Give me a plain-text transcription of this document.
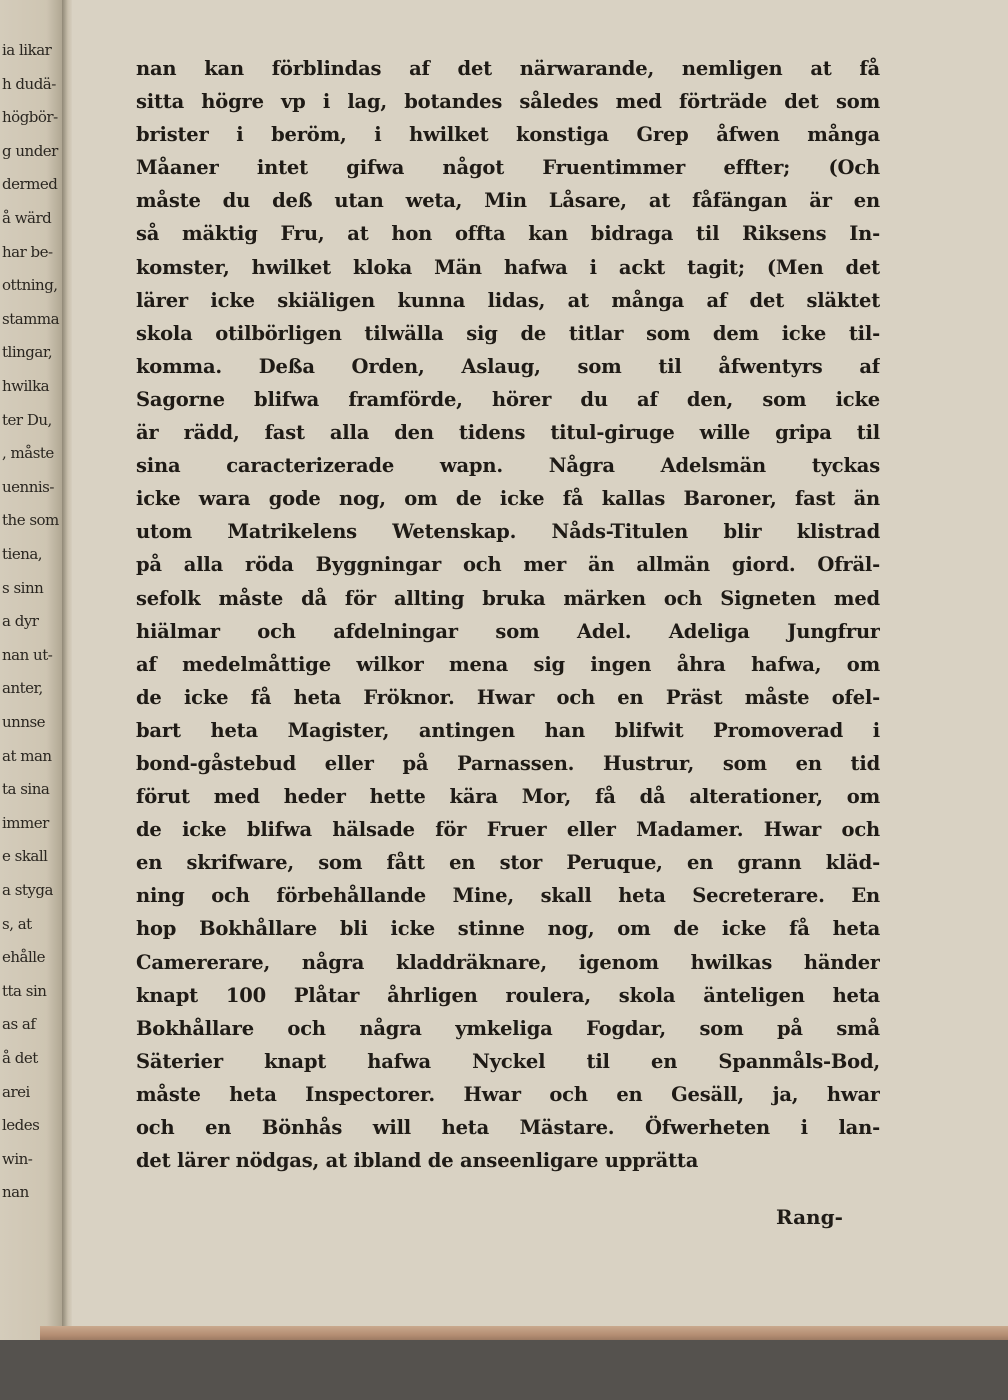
ia likar
h dudä-
högbör-
g under
dermed
å wärd
har be-
ottning,
stamma
tlingar,
hwilka
ter Du,
, måste
uennis-
the som
tiena,
s sinn
a dyr
nan ut-
anter,
unnse
at man
ta sina
immer
e skall
a styga
s, at
ehålle
tta sin
as af
å det
arei
ledes
win-
nan
nan kan förblindas af det närwarande, nemligen at få
sitta högre vp i lag, botandes således med förträde det som
brister i beröm, i hwilket konstiga Grep åfwen många
Måaner intet gifwa något Fruentimmer effter; (Och
måste du deß utan weta, Min Låsare, at fåfängan är en
så mäktig Fru, at hon offta kan bidraga til Riksens In-
komster, hwilket kloka Män hafwa i ackt tagit; (Men det
lärer icke skiäligen kunna lidas, at många af det släktet
skola otilbörligen tilwälla sig de titlar som dem icke til-
komma. Deßa Orden, Aslaug, som til åfwentyrs af
Sagorne blifwa framförde, hörer du af den, som icke
är rädd, fast alla den tidens titul-giruge wille gripa til
sina caracterizerade wapn. Några Adelsmän tyckas
icke wara gode nog, om de icke få kallas Baroner, fast än
utom Matrikelens Wetenskap. Nåds-Titulen blir klistrad
på alla röda Byggningar och mer än allmän giord. Ofräl-
sefolk måste då för allting bruka märken och Signeten med
hiälmar och afdelningar som Adel. Adeliga Jungfrur
af medelmåttige wilkor mena sig ingen åhra hafwa, om
de icke få heta Fröknor. Hwar och en Präst måste ofel-
bart heta Magister, antingen han blifwit Promoverad i
bond-gåstebud eller på Parnassen. Hustrur, som en tid
förut med heder hette kära Mor, få då alterationer, om
de icke blifwa hälsade för Fruer eller Madamer. Hwar och
en skrifware, som fått en stor Peruque, en grann kläd-
ning och förbehållande Mine, skall heta Secreterare. En
hop Bokhållare bli icke stinne nog, om de icke få heta
Camererare, några kladdräknare, igenom hwilkas händer
knapt 100 Plåtar åhrligen roulera, skola änteligen heta
Bokhållare och några ymkeliga Fogdar, som på små
Säterier knapt hafwa Nyckel til en Spanmåls-Bod,
måste heta Inspectorer. Hwar och en Gesäll, ja, hwar
och en Bönhås will heta Mästare. Öfwerheten i lan-
det lärer nödgas, at ibland de anseenligare upprätta
Rang-
